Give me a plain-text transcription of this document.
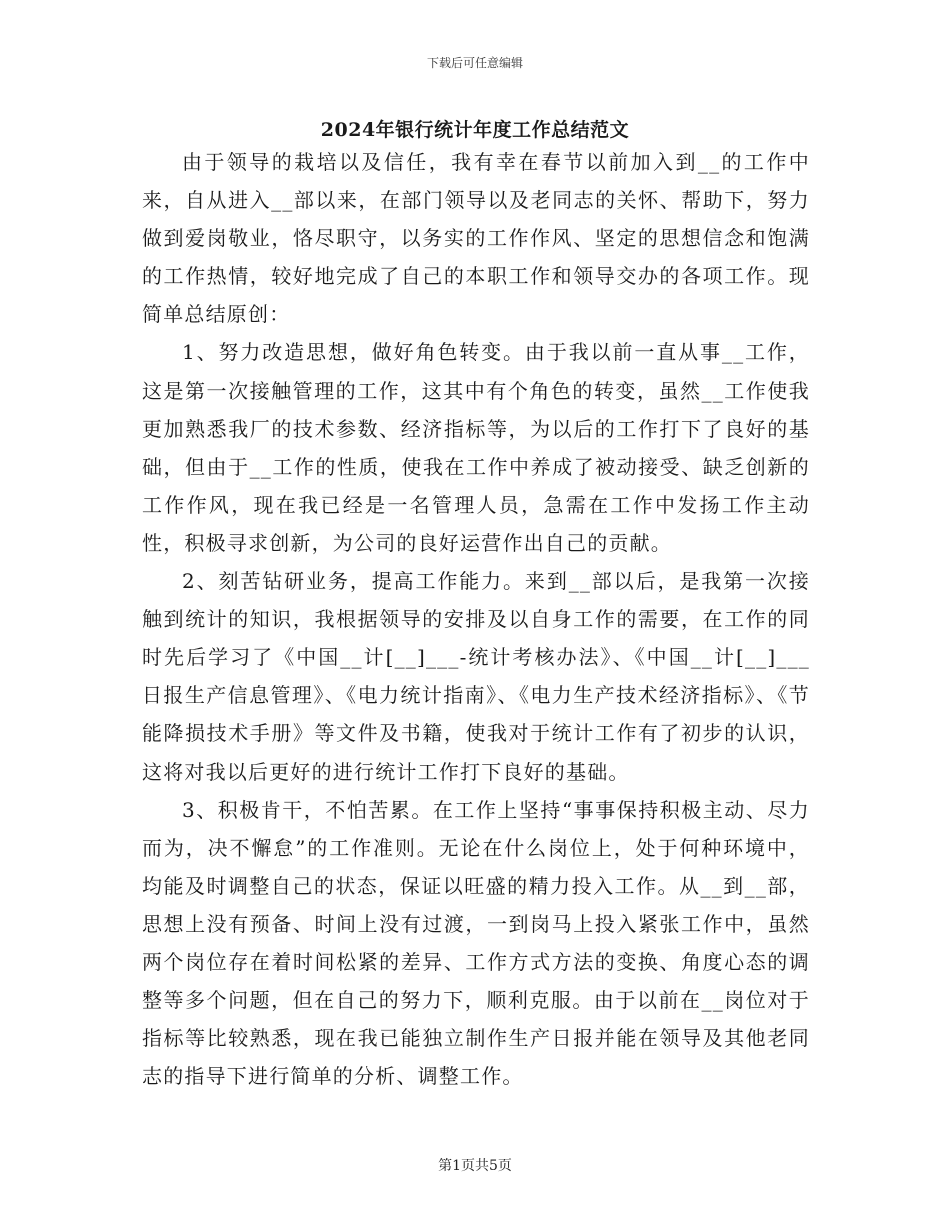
下载后可任意编辑
2024年银行统计年度工作总结范文

由于领导的栽培以及信任，我有幸在春节以前加入到__的工作中来，自从进入__部以来，在部门领导以及老同志的关怀、帮助下，努力做到爱岗敬业，恪尽职守，以务实的工作作风、坚定的思想信念和饱满的工作热情，较好地完成了自己的本职工作和领导交办的各项工作。现简单总结原创：

1、努力改造思想，做好角色转变。由于我以前一直从事__工作，这是第一次接触管理的工作，这其中有个角色的转变，虽然__工作使我更加熟悉我厂的技术参数、经济指标等，为以后的工作打下了良好的基础，但由于__工作的性质，使我在工作中养成了被动接受、缺乏创新的工作作风，现在我已经是一名管理人员，急需在工作中发扬工作主动性，积极寻求创新，为公司的良好运营作出自己的贡献。

2、刻苦钻研业务，提高工作能力。来到__部以后，是我第一次接触到统计的知识，我根据领导的安排及以自身工作的需要，在工作的同时先后学习了《中国__计[__]___-统计考核办法》、《中国__计[__]___日报生产信息管理》、《电力统计指南》、《电力生产技术经济指标》、《节能降损技术手册》等文件及书籍，使我对于统计工作有了初步的认识，这将对我以后更好的进行统计工作打下良好的基础。

3、积极肯干，不怕苦累。在工作上坚持“事事保持积极主动、尽力而为，决不懈怠”的工作准则。无论在什么岗位上，处于何种环境中，均能及时调整自己的状态，保证以旺盛的精力投入工作。从__到__部，思想上没有预备、时间上没有过渡，一到岗马上投入紧张工作中，虽然两个岗位存在着时间松紧的差异、工作方式方法的变换、角度心态的调整等多个问题，但在自己的努力下，顺利克服。由于以前在__岗位对于指标等比较熟悉，现在我已能独立制作生产日报并能在领导及其他老同志的指导下进行简单的分析、调整工作。

第1页共5页
